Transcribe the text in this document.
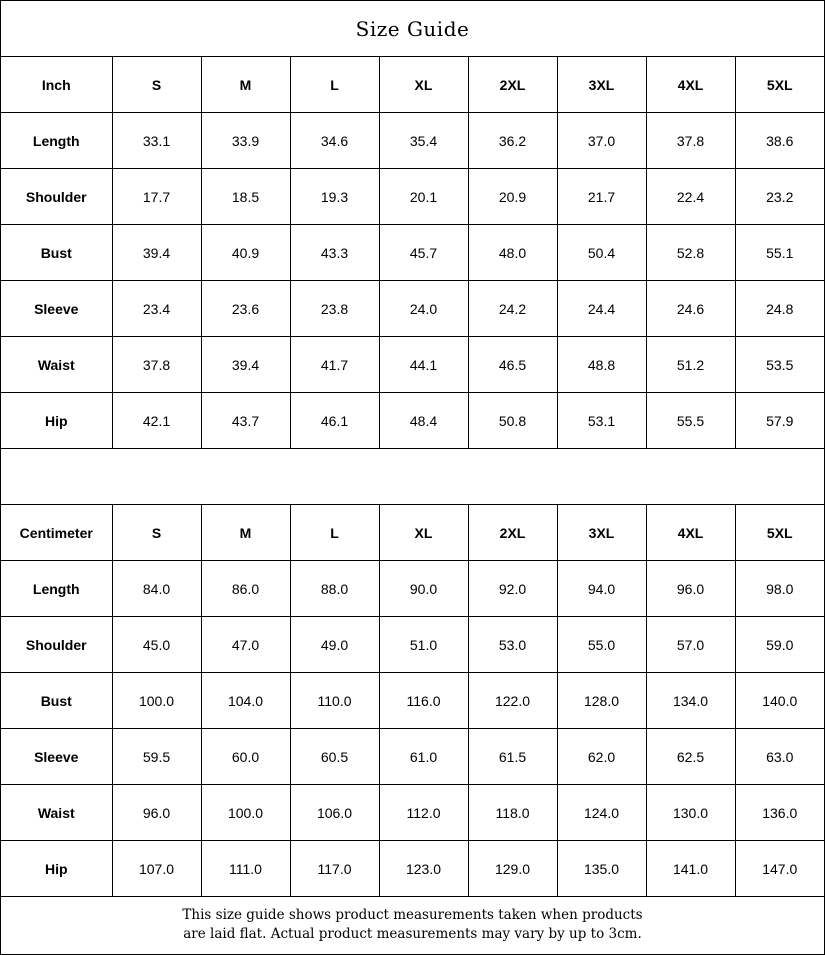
Size Guide
Inch	S	M	L	XL	2XL	3XL	4XL	5XL
Length	33.1	33.9	34.6	35.4	36.2	37.0	37.8	38.6
Shoulder	17.7	18.5	19.3	20.1	20.9	21.7	22.4	23.2
Bust	39.4	40.9	43.3	45.7	48.0	50.4	52.8	55.1
Sleeve	23.4	23.6	23.8	24.0	24.2	24.4	24.6	24.8
Waist	37.8	39.4	41.7	44.1	46.5	48.8	51.2	53.5
Hip	42.1	43.7	46.1	48.4	50.8	53.1	55.5	57.9
Centimeter	S	M	L	XL	2XL	3XL	4XL	5XL
Length	84.0	86.0	88.0	90.0	92.0	94.0	96.0	98.0
Shoulder	45.0	47.0	49.0	51.0	53.0	55.0	57.0	59.0
Bust	100.0	104.0	110.0	116.0	122.0	128.0	134.0	140.0
Sleeve	59.5	60.0	60.5	61.0	61.5	62.0	62.5	63.0
Waist	96.0	100.0	106.0	112.0	118.0	124.0	130.0	136.0
Hip	107.0	111.0	117.0	123.0	129.0	135.0	141.0	147.0
This size guide shows product measurements taken when products
are laid flat. Actual product measurements may vary by up to 3cm.
